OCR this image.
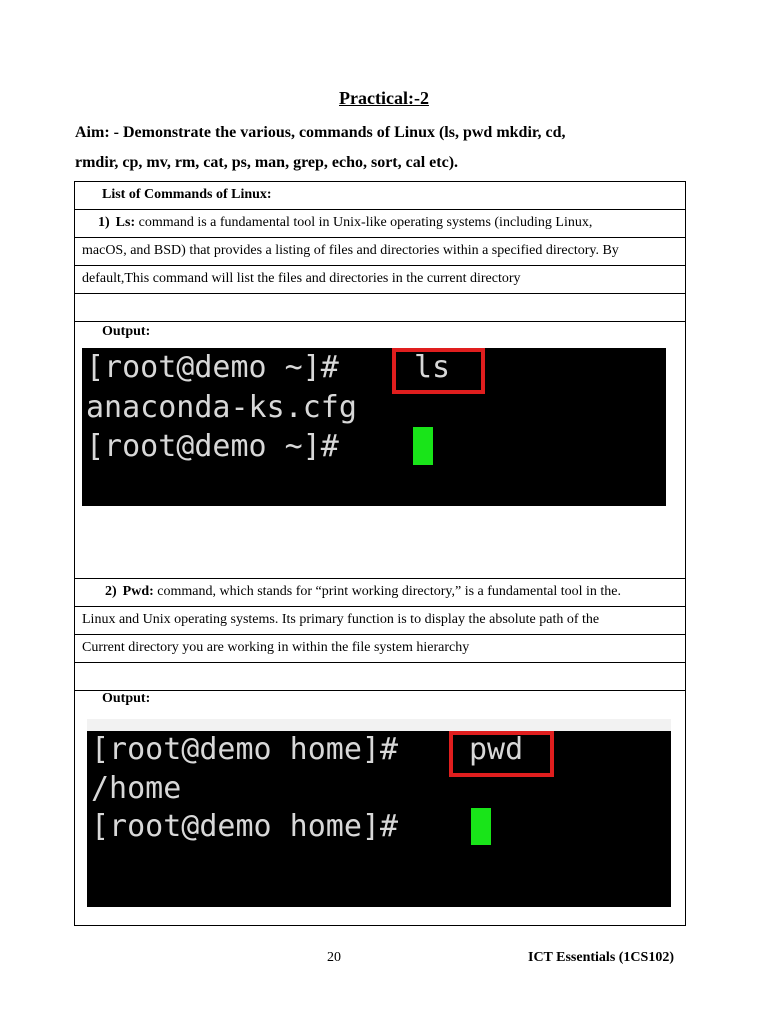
Practical:-2
Aim: - Demonstrate the various, commands of Linux (ls, pwd mkdir, cd,
rmdir, cp, mv, rm, cat, ps, man, grep, echo, sort, cal etc).
List of Commands of Linux:
1) Ls: command is a fundamental tool in Unix-like operating systems (including Linux,
macOS, and BSD) that provides a listing of files and directories within a specified directory. By
default,This command will list the files and directories in the current directory
Output:
[root@demo ~]# ls
anaconda-ks.cfg
[root@demo ~]#
2) Pwd: command, which stands for “print working directory,” is a fundamental tool in the.
Linux and Unix operating systems. Its primary function is to display the absolute path of the
Current directory you are working in within the file system hierarchy
Output:
[root@demo home]# pwd
/home
[root@demo home]#
20	ICT Essentials (1CS102)
